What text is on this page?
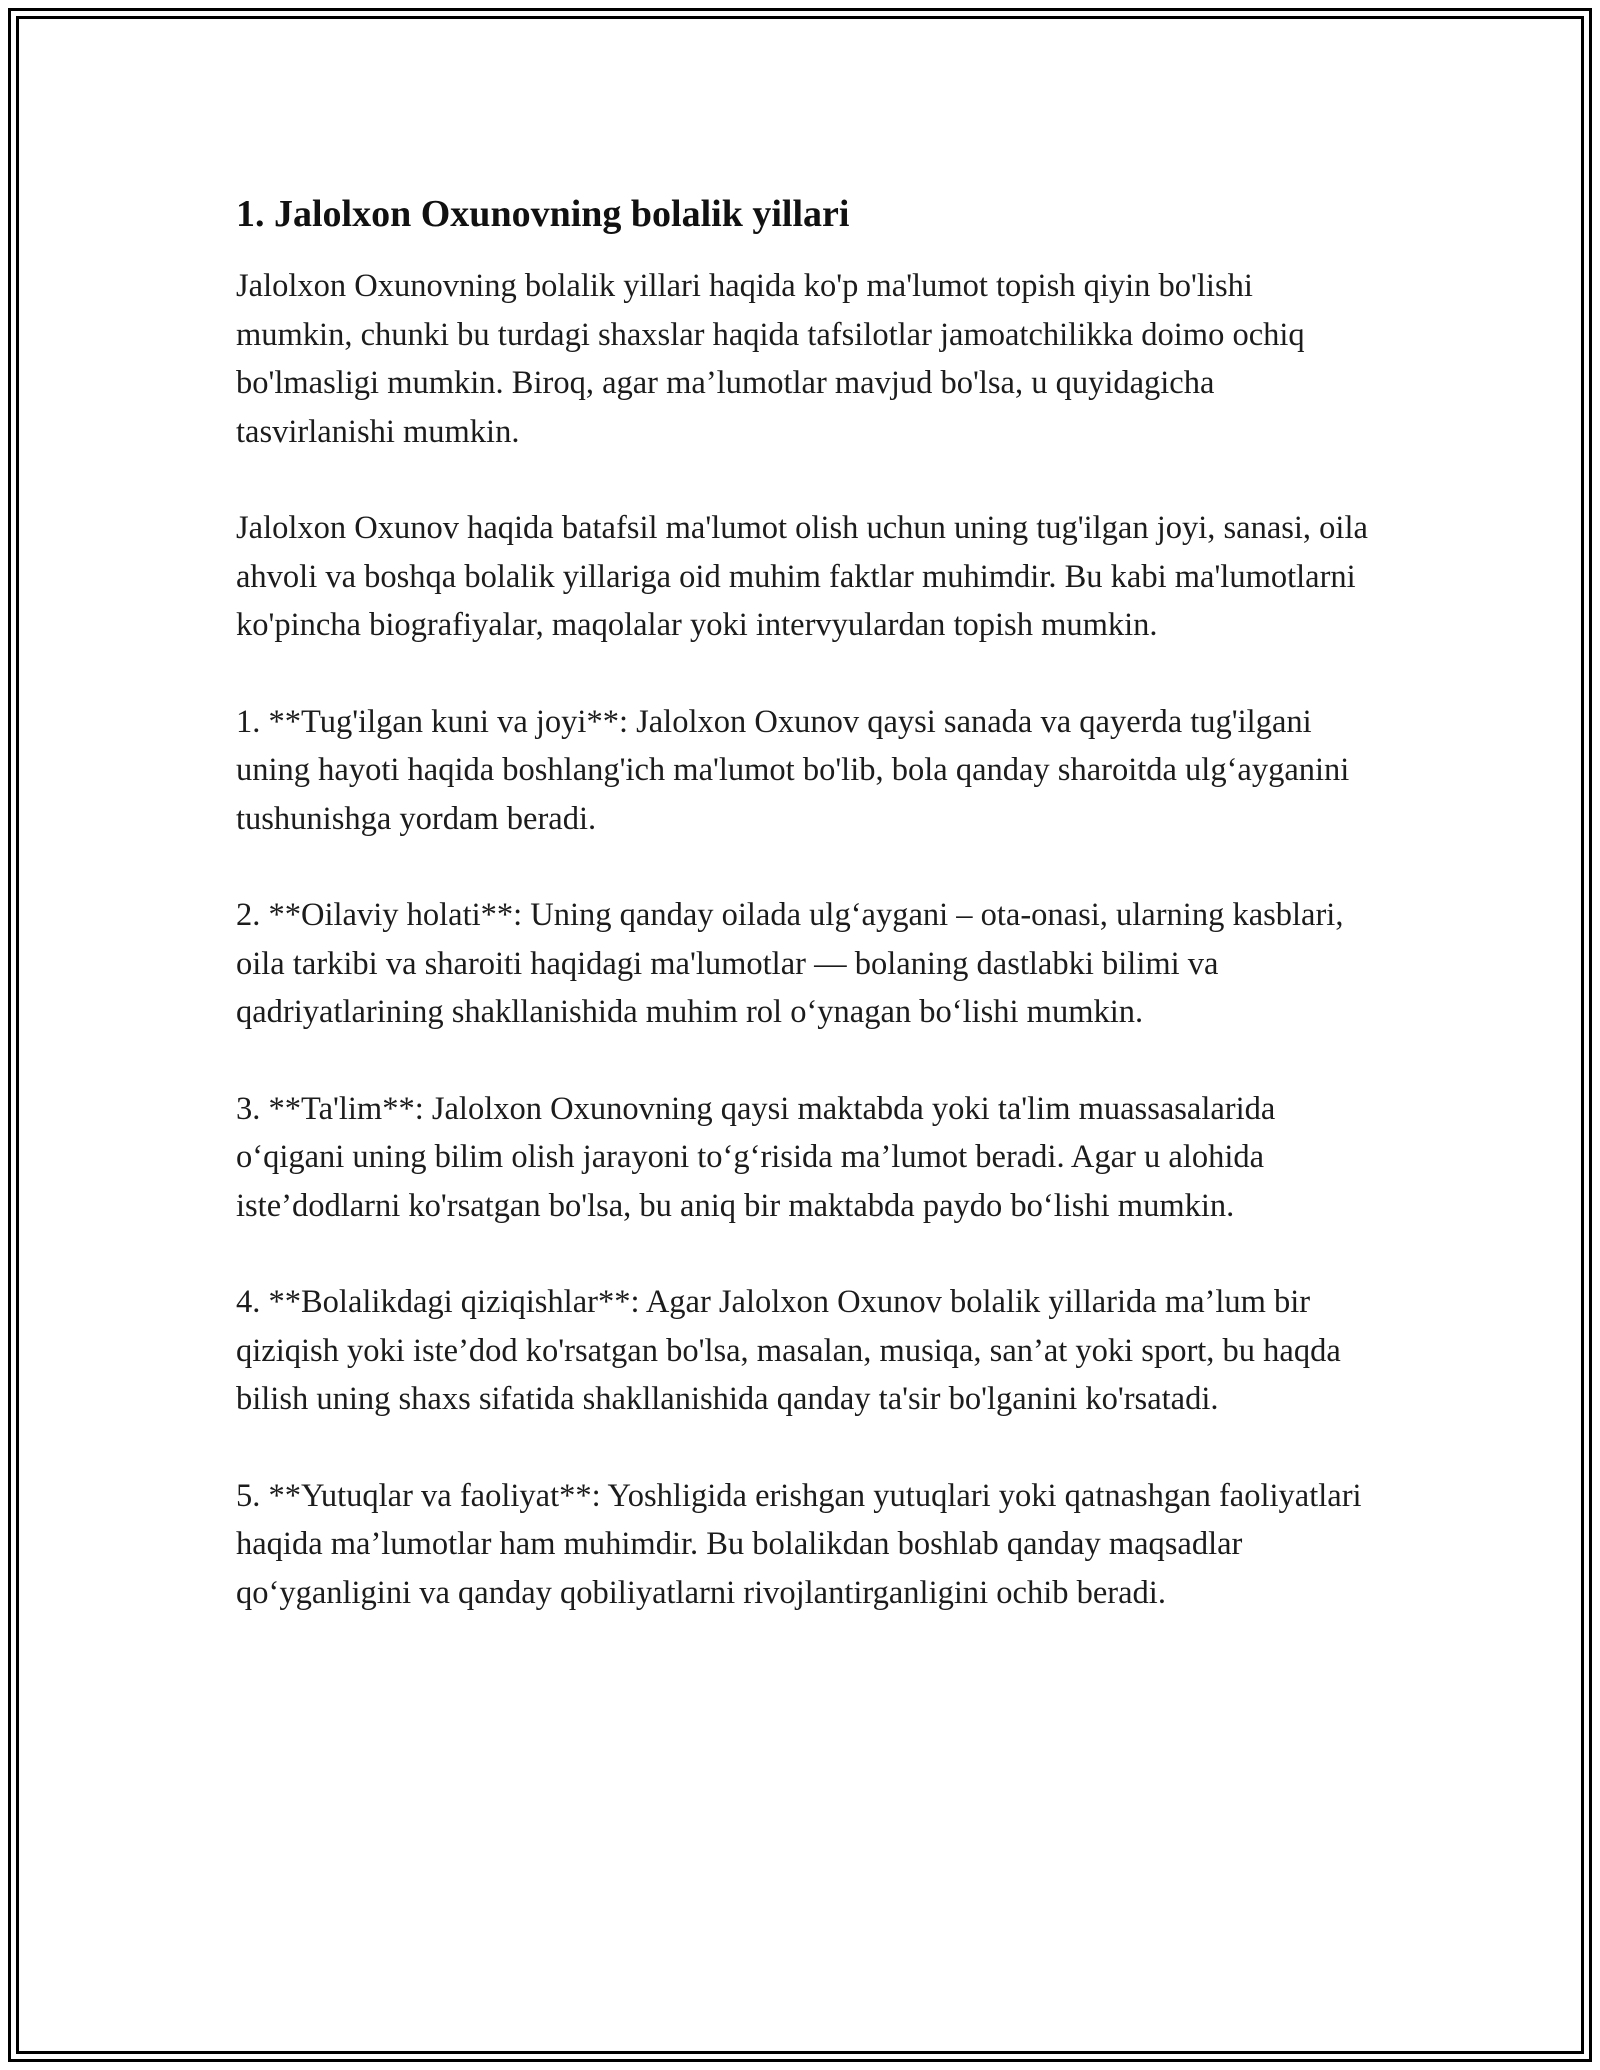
1. Jalolxon Oxunovning bolalik yillari

Jalolxon Oxunovning bolalik yillari haqida ko'p ma'lumot topish qiyin bo'lishi mumkin, chunki bu turdagi shaxslar haqida tafsilotlar jamoatchilikka doimo ochiq bo'lmasligi mumkin. Biroq, agar ma’lumotlar mavjud bo'lsa, u quyidagicha tasvirlanishi mumkin.

Jalolxon Oxunov haqida batafsil ma'lumot olish uchun uning tug'ilgan joyi, sanasi, oila ahvoli va boshqa bolalik yillariga oid muhim faktlar muhimdir. Bu kabi ma'lumotlarni ko'pincha biografiyalar, maqolalar yoki intervyulardan topish mumkin.

1. **Tug'ilgan kuni va joyi**: Jalolxon Oxunov qaysi sanada va qayerda tug'ilgani uning hayoti haqida boshlang'ich ma'lumot bo'lib, bola qanday sharoitda ulg‘ayganini tushunishga yordam beradi.

2. **Oilaviy holati**: Uning qanday oilada ulg‘aygani – ota-onasi, ularning kasblari, oila tarkibi va sharoiti haqidagi ma'lumotlar — bolaning dastlabki bilimi va qadriyatlarining shakllanishida muhim rol o‘ynagan bo‘lishi mumkin.

3. **Ta'lim**: Jalolxon Oxunovning qaysi maktabda yoki ta'lim muassasalarida o‘qigani uning bilim olish jarayoni to‘g‘risida ma’lumot beradi. Agar u alohida iste’dodlarni ko'rsatgan bo'lsa, bu aniq bir maktabda paydo bo‘lishi mumkin.

4. **Bolalikdagi qiziqishlar**: Agar Jalolxon Oxunov bolalik yillarida ma’lum bir qiziqish yoki iste’dod ko'rsatgan bo'lsa, masalan, musiqa, san’at yoki sport, bu haqda bilish uning shaxs sifatida shakllanishida qanday ta'sir bo'lganini ko'rsatadi.

5. **Yutuqlar va faoliyat**: Yoshligida erishgan yutuqlari yoki qatnashgan faoliyatlari haqida ma’lumotlar ham muhimdir. Bu bolalikdan boshlab qanday maqsadlar qo‘yganligini va qanday qobiliyatlarni rivojlantirganligini ochib beradi.
